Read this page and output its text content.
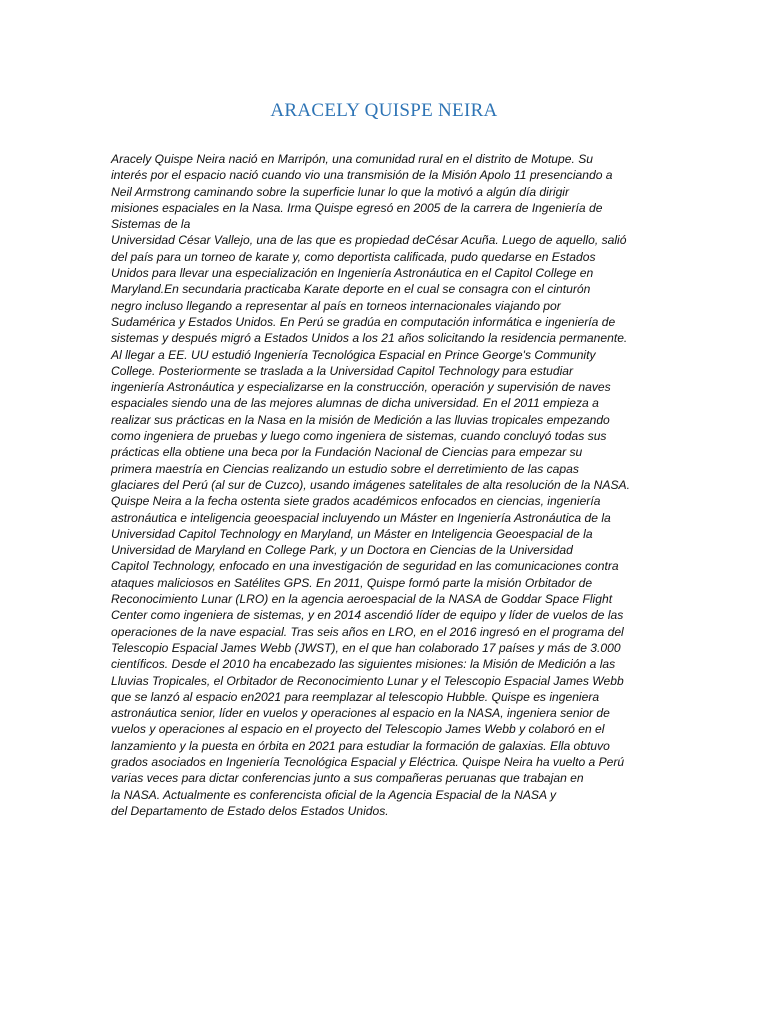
ARACELY QUISPE NEIRA
Aracely Quispe Neira nació en Marripón, una comunidad rural en el distrito de Motupe. Su
interés por el espacio nació cuando vio una transmisión de la Misión Apolo 11 presenciando a
Neil Armstrong caminando sobre la superficie lunar lo que la motivó a algún día dirigir
misiones espaciales en la Nasa. Irma Quispe egresó en 2005 de la carrera de Ingeniería de
Sistemas de la
Universidad César Vallejo, una de las que es propiedad deCésar Acuña. Luego de aquello, salió
del país para un torneo de karate y, como deportista calificada, pudo quedarse en Estados
Unidos para llevar una especialización en Ingeniería Astronáutica en el Capitol College en
Maryland.En secundaria practicaba Karate deporte en el cual se consagra con el cinturón
negro incluso llegando a representar al país en torneos internacionales viajando por
Sudamérica y Estados Unidos. En Perú se gradúa en computación informática e ingeniería de
sistemas y después migró a Estados Unidos a los 21 años solicitando la residencia permanente.
Al llegar a EE. UU estudió Ingeniería Tecnológica Espacial en Prince George's Community
College. Posteriormente se traslada a la Universidad Capitol Technology para estudiar
ingeniería Astronáutica y especializarse en la construcción, operación y supervisión de naves
espaciales siendo una de las mejores alumnas de dicha universidad. En el 2011 empieza a
realizar sus prácticas en la Nasa en la misión de Medición a las lluvias tropicales empezando
como ingeniera de pruebas y luego como ingeniera de sistemas, cuando concluyó todas sus
prácticas ella obtiene una beca por la Fundación Nacional de Ciencias para empezar su
primera maestría en Ciencias realizando un estudio sobre el derretimiento de las capas
glaciares del Perú (al sur de Cuzco), usando imágenes satelitales de alta resolución de la NASA.
Quispe Neira a la fecha ostenta siete grados académicos enfocados en ciencias, ingeniería
astronáutica e inteligencia geoespacial incluyendo un Máster en Ingeniería Astronáutica de la
Universidad Capitol Technology en Maryland, un Máster en Inteligencia Geoespacial de la
Universidad de Maryland en College Park, y un Doctora en Ciencias de la Universidad
Capitol Technology, enfocado en una investigación de seguridad en las comunicaciones contra
ataques maliciosos en Satélites GPS. En 2011, Quispe formó parte la misión Orbitador de
Reconocimiento Lunar (LRO) en la agencia aeroespacial de la NASA de Goddar Space Flight
Center como ingeniera de sistemas, y en 2014 ascendió líder de equipo y líder de vuelos de las
operaciones de la nave espacial. Tras seis años en LRO, en el 2016 ingresó en el programa del
Telescopio Espacial James Webb (JWST), en el que han colaborado 17 países y más de 3.000
científicos. Desde el 2010 ha encabezado las siguientes misiones: la Misión de Medición a las
Lluvias Tropicales, el Orbitador de Reconocimiento Lunar y el Telescopio Espacial James Webb
que se lanzó al espacio en2021 para reemplazar al telescopio Hubble. Quispe es ingeniera
astronáutica senior, líder en vuelos y operaciones al espacio en la NASA, ingeniera senior de
vuelos y operaciones al espacio en el proyecto del Telescopio James Webb y colaboró en el
lanzamiento y la puesta en órbita en 2021 para estudiar la formación de galaxias. Ella obtuvo
grados asociados en Ingeniería Tecnológica Espacial y Eléctrica. Quispe Neira ha vuelto a Perú
varias veces para dictar conferencias junto a sus compañeras peruanas que trabajan en
la NASA. Actualmente es conferencista oficial de la Agencia Espacial de la NASA y
del Departamento de Estado delos Estados Unidos.
